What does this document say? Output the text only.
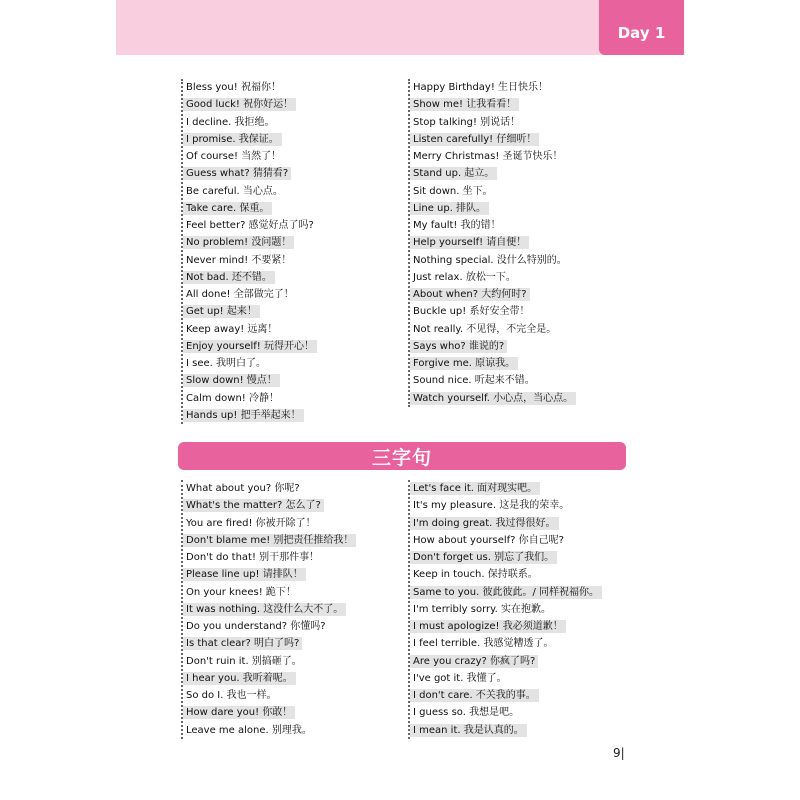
Day 1
Bless you! 祝福你！
Good luck! 祝你好运！
I decline. 我拒绝。
I promise. 我保证。
Of course! 当然了！
Guess what? 猜猜看?
Be careful. 当心点。
Take care. 保重。
Feel better? 感觉好点了吗?
No problem! 没问题！
Never mind! 不要紧！
Not bad. 还不错。
All done! 全部做完了！
Get up! 起来！
Keep away! 远离！
Enjoy yourself! 玩得开心！
I see. 我明白了。
Slow down! 慢点！
Calm down! 冷静！
Hands up! 把手举起来！
Happy Birthday! 生日快乐！
Show me! 让我看看！
Stop talking! 别说话！
Listen carefully! 仔细听！
Merry Christmas! 圣诞节快乐！
Stand up. 起立。
Sit down. 坐下。
Line up. 排队。
My fault! 我的错！
Help yourself! 请自便！
Nothing special. 没什么特别的。
Just relax. 放松一下。
About when? 大约何时?
Buckle up! 系好安全带！
Not really. 不见得，不完全是。
Says who? 谁说的?
Forgive me. 原谅我。
Sound nice. 听起来不错。
Watch yourself. 小心点，当心点。
三字句
What about you? 你呢?
What's the matter? 怎么了?
You are fired! 你被开除了！
Don't blame me! 别把责任推给我！
Don't do that! 别干那件事！
Please line up! 请排队！
On your knees! 跪下！
It was nothing. 这没什么大不了。
Do you understand? 你懂吗?
Is that clear? 明白了吗?
Don't ruin it. 别搞砸了。
I hear you. 我听着呢。
So do I. 我也一样。
How dare you! 你敢！
Leave me alone. 别理我。
Let's face it. 面对现实吧。
It's my pleasure. 这是我的荣幸。
I'm doing great. 我过得很好。
How about yourself? 你自己呢?
Don't forget us. 别忘了我们。
Keep in touch. 保持联系。
Same to you. 彼此彼此。/ 同样祝福你。
I'm terribly sorry. 实在抱歉。
I must apologize! 我必须道歉！
I feel terrible. 我感觉糟透了。
Are you crazy? 你疯了吗?
I've got it. 我懂了。
I don't care. 不关我的事。
I guess so. 我想是吧。
I mean it. 我是认真的。
9|
